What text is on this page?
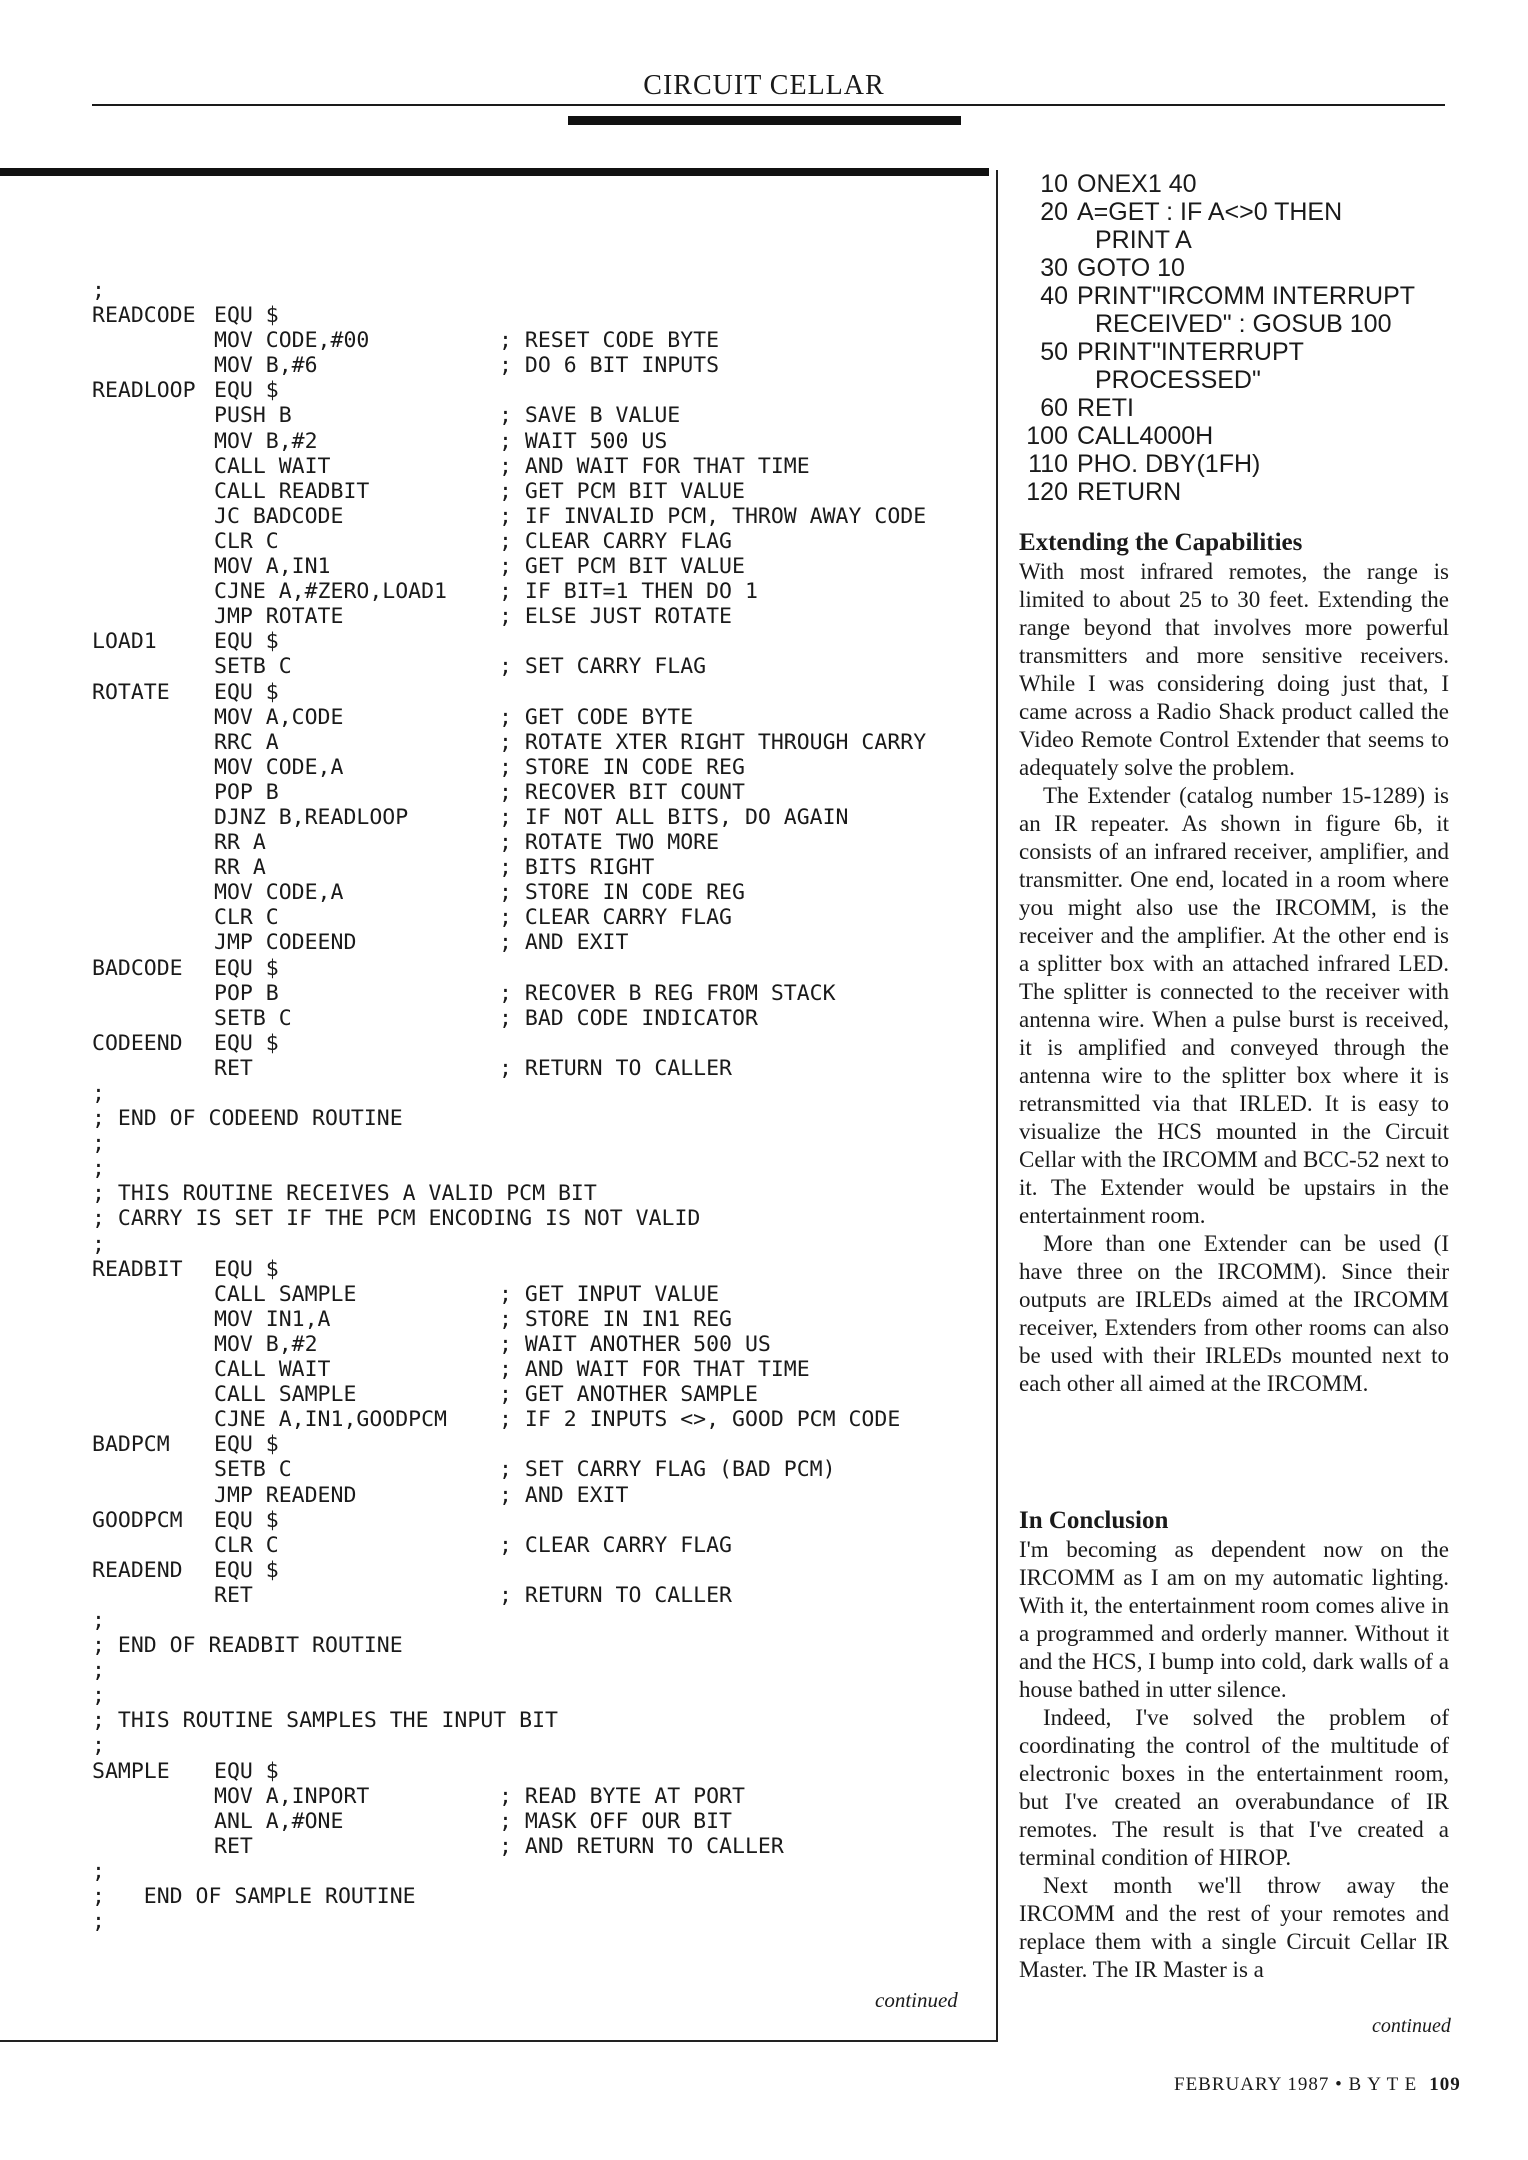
CIRCUIT CELLAR
;
READCODE EQU $
MOV CODE,#00	; RESET CODE BYTE
MOV B,#6	; DO 6 BIT INPUTS
READLOOP EQU $
PUSH B	; SAVE B VALUE
MOV B,#2	; WAIT 500 US
CALL WAIT	; AND WAIT FOR THAT TIME
CALL READBIT	; GET PCM BIT VALUE
JC BADCODE	; IF INVALID PCM, THROW AWAY CODE
CLR C	; CLEAR CARRY FLAG
MOV A,IN1	; GET PCM BIT VALUE
CJNE A,#ZERO,LOAD1 ; IF BIT=1 THEN DO 1
JMP ROTATE	; ELSE JUST ROTATE
LOAD1	EQU $
SETB C	; SET CARRY FLAG
ROTATE EQU $
MOV A,CODE	; GET CODE BYTE
RRC A	; ROTATE XTER RIGHT THROUGH CARRY
MOV CODE,A	; STORE IN CODE REG
POP B	; RECOVER BIT COUNT
DJNZ B,READLOOP	; IF NOT ALL BITS, DO AGAIN
RR A	; ROTATE TWO MORE
RR A	; BITS RIGHT
MOV CODE,A	; STORE IN CODE REG
CLR C	; CLEAR CARRY FLAG
JMP CODEEND	; AND EXIT
BADCODE EQU $
POP B	; RECOVER B REG FROM STACK
SETB C	; BAD CODE INDICATOR
CODEEND EQU $
RET	; RETURN TO CALLER
;
; END OF CODEEND ROUTINE
;
;
; THIS ROUTINE RECEIVES A VALID PCM BIT
; CARRY IS SET IF THE PCM ENCODING IS NOT VALID
;
READBIT EQU $
CALL SAMPLE	; GET INPUT VALUE
MOV IN1,A	; STORE IN IN1 REG
MOV B,#2	; WAIT ANOTHER 500 US
CALL WAIT	; AND WAIT FOR THAT TIME
CALL SAMPLE	; GET ANOTHER SAMPLE
CJNE A,IN1,GOODPCM ; IF 2 INPUTS <>, GOOD PCM CODE
BADPCM EQU $
SETB C	; SET CARRY FLAG (BAD PCM)
JMP READEND	; AND EXIT
GOODPCM EQU $
CLR C	; CLEAR CARRY FLAG
READEND EQU $
RET	; RETURN TO CALLER
;
; END OF READBIT ROUTINE
;
;
; THIS ROUTINE SAMPLES THE INPUT BIT
;
SAMPLE EQU $
MOV A,INPORT	; READ BYTE AT PORT
ANL A,#ONE	; MASK OFF OUR BIT
RET	; AND RETURN TO CALLER
;
;   END OF SAMPLE ROUTINE
;
continued
10 ONEX1 40
20 A=GET : IF A<>0 THEN
PRINT A
30 GOTO 10
40 PRINT"IRCOMM INTERRUPT
RECEIVED" : GOSUB 100
50 PRINT"INTERRUPT
PROCESSED"
60 RETI
100 CALL4000H
110 PHO. DBY(1FH)
120 RETURN
Extending the Capabilities

With most infrared remotes, the range is limited to about 25 to 30 feet. Extending the range beyond that involves more powerful transmitters and more sensitive receivers. While I was considering doing just that, I came across a Radio Shack product called the Video Remote Control Extender that seems to adequately solve the problem.

The Extender (catalog number 15-1289) is an IR repeater. As shown in figure 6b, it consists of an infrared receiver, amplifier, and transmitter. One end, located in a room where you might also use the IRCOMM, is the receiver and the amplifier. At the other end is a splitter box with an attached infrared LED. The splitter is connected to the receiver with antenna wire. When a pulse burst is received, it is amplified and conveyed through the antenna wire to the splitter box where it is retransmitted via that IRLED. It is easy to visualize the HCS mounted in the Circuit Cellar with the IRCOMM and BCC-52 next to it. The Extender would be upstairs in the entertainment room.

More than one Extender can be used (I have three on the IRCOMM). Since their outputs are IRLEDs aimed at the IRCOMM receiver, Extenders from other rooms can also be used with their IRLEDs mounted next to each other all aimed at the IRCOMM.

In Conclusion

I'm becoming as dependent now on the IRCOMM as I am on my automatic lighting. With it, the entertainment room comes alive in a programmed and orderly manner. Without it and the HCS, I bump into cold, dark walls of a house bathed in utter silence.

Indeed, I've solved the problem of coordinating the control of the multitude of electronic boxes in the entertainment room, but I've created an overabundance of IR remotes. The result is that I've created a terminal condition of HIROP.

Next month we'll throw away the IRCOMM and the rest of your remotes and replace them with a single Circuit Cellar IR Master. The IR Master is a

continued
FEBRUARY 1987 • B Y T E 109
